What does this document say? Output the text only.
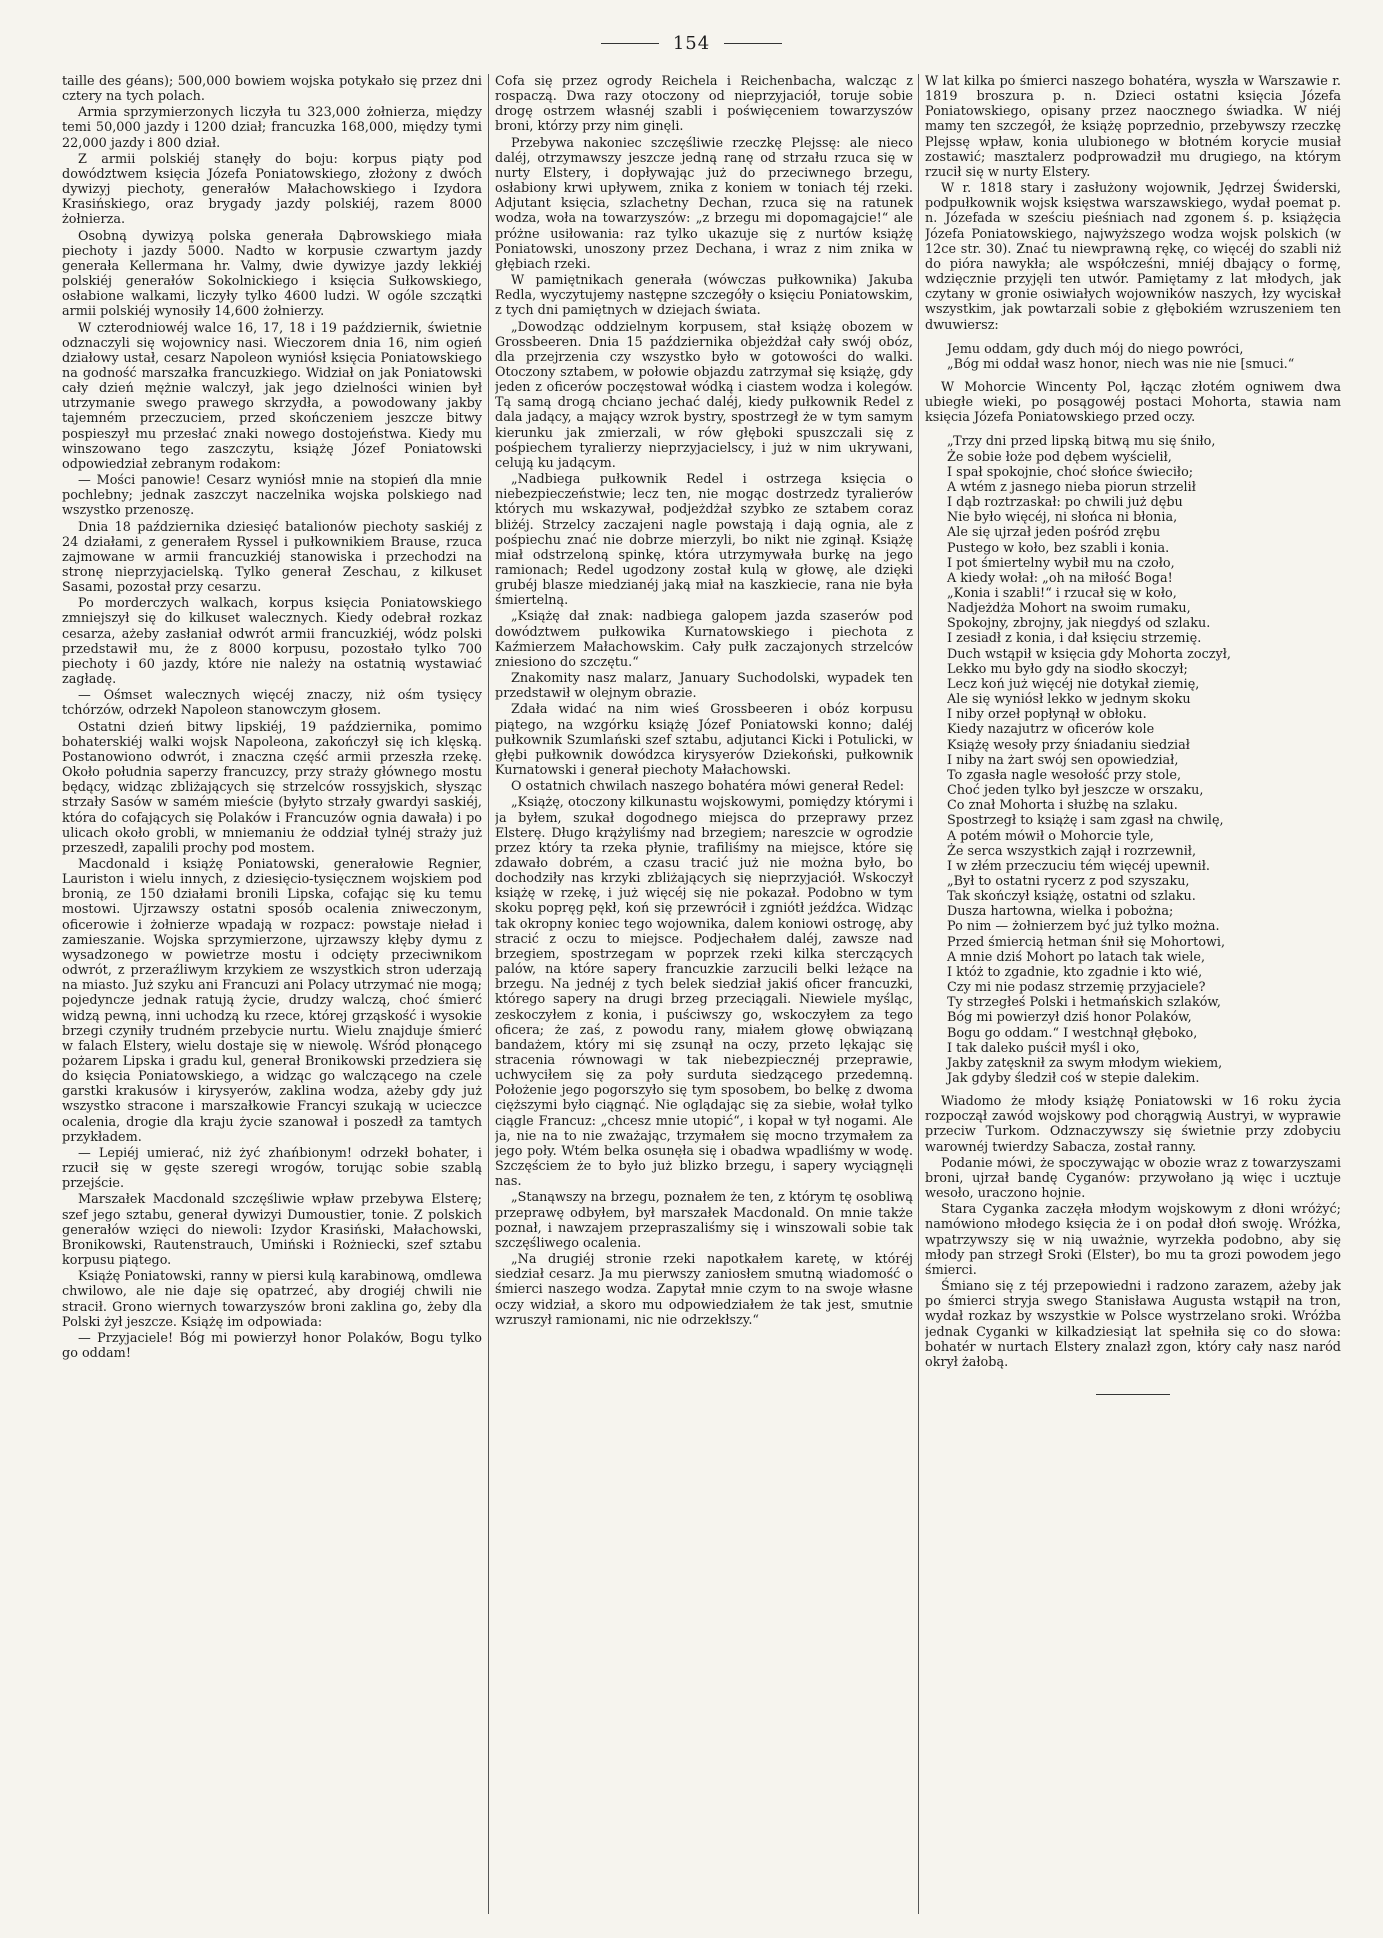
154

taille des géans); 500,000 bowiem wojska potykało się przez dni cztery na tych polach.

Armia sprzymierzonych liczyła tu 323,000 żołnierza, między temi 50,000 jazdy i 1200 dział; francuzka 168,000, między tymi 22,000 jazdy i 800 dział.

Z armii polskiéj stanęły do boju: korpus piąty pod dowództwem księcia Józefa Poniatowskiego, złożony z dwóch dywizyj piechoty, generałów Małachowskiego i Izydora Krasińskiego, oraz brygady jazdy polskiéj, razem 8000 żołnierza.

Osobną dywizyą polska generała Dąbrowskiego miała piechoty i jazdy 5000. Nadto w korpusie czwartym jazdy generała Kellermana hr. Valmy, dwie dywizye jazdy lekkiéj polskiéj generałów Sokolnickiego i księcia Sułkowskiego, osłabione walkami, liczyły tylko 4600 ludzi. W ogóle szczątki armii polskiéj wynosiły 14,600 żołnierzy.

W czterodniowéj walce 16, 17, 18 i 19 październik, świetnie odznaczyli się wojownicy nasi. Wieczorem dnia 16, nim ogień działowy ustał, cesarz Napoleon wyniósł księcia Poniatowskiego na godność marszałka francuzkiego. Widział on jak Poniatowski cały dzień mężnie walczył, jak jego dzielności winien był utrzymanie swego prawego skrzydła, a powodowany jakby tajemném przeczuciem, przed skończeniem jeszcze bitwy pospieszył mu przesłać znaki nowego dostojeństwa. Kiedy mu winszowano tego zaszczytu, książę Józef Poniatowski odpowiedział zebranym rodakom:

— Mości panowie! Cesarz wyniósł mnie na stopień dla mnie pochlebny; jednak zaszczyt naczelnika wojska polskiego nad wszystko przenoszę.

Dnia 18 października dziesięć batalionów piechoty saskiéj z 24 działami, z generałem Ryssel i pułkownikiem Brause, rzuca zajmowane w armii francuzkiéj stanowiska i przechodzi na stronę nieprzyjacielską. Tylko generał Zeschau, z kilkuset Sasami, pozostał przy cesarzu.

Po morderczych walkach, korpus księcia Poniatowskiego zmniejszył się do kilkuset walecznych. Kiedy odebrał rozkaz cesarza, ażeby zasłaniał odwrót armii francuzkiéj, wódz polski przedstawił mu, że z 8000 korpusu, pozostało tylko 700 piechoty i 60 jazdy, które nie należy na ostatnią wystawiać zagładę.

— Ośmset walecznych więcéj znaczy, niż ośm tysięcy tchórzów, odrzekł Napoleon stanowczym głosem.

Ostatni dzień bitwy lipskiéj, 19 października, pomimo bohaterskiéj walki wojsk Napoleona, zakończył się ich klęską. Postanowiono odwrót, i znaczna część armii przeszła rzekę. Około południa saperzy francuzcy, przy straży głównego mostu będący, widząc zbliżających się strzelców rossyjskich, słysząc strzały Sasów w samém mieście (byłyto strzały gwardyi saskiéj, która do cofających się Polaków i Francuzów ognia dawała) i po ulicach około grobli, w mniemaniu że oddział tylnéj straży już przeszedł, zapalili prochy pod mostem.

Macdonald i książę Poniatowski, generałowie Regnier, Lauriston i wielu innych, z dziesięcio-tysięcznem wojskiem pod bronią, ze 150 działami bronili Lipska, cofając się ku temu mostowi. Ujrzawszy ostatni sposób ocalenia zniweczonym, oficerowie i żołnierze wpadają w rozpacz: powstaje nieład i zamieszanie. Wojska sprzymierzone, ujrzawszy kłęby dymu z wysadzonego w powietrze mostu i odcięty przeciwnikom odwrót, z przeraźliwym krzykiem ze wszystkich stron uderzają na miasto. Już szyku ani Francuzi ani Polacy utrzymać nie mogą; pojedyncze jednak ratują życie, drudzy walczą, choć śmierć widzą pewną, inni uchodzą ku rzece, której grząskość i wysokie brzegi czyniły trudném przebycie nurtu. Wielu znajduje śmierć w falach Elstery, wielu dostaje się w niewolę. Wśród płonącego pożarem Lipska i gradu kul, generał Bronikowski przedziera się do księcia Poniatowskiego, a widząc go walczącego na czele garstki krakusów i kirysyerów, zaklina wodza, ażeby gdy już wszystko stracone i marszałkowie Francyi szukają w ucieczce ocalenia, drogie dla kraju życie szanował i poszedł za tamtych przykładem.

— Lepiéj umierać, niż żyć zhańbionym! odrzekł bohater, i rzucił się w gęste szeregi wrogów, torując sobie szablą przejście.

Marszałek Macdonald szczęśliwie wpław przebywa Elsterę; szef jego sztabu, generał dywizyi Dumoustier, tonie. Z polskich generałów wzięci do niewoli: Izydor Krasiński, Małachowski, Bronikowski, Rautenstrauch, Umiński i Rożniecki, szef sztabu korpusu piątego.

Książę Poniatowski, ranny w piersi kulą karabinową, omdlewa chwilowo, ale nie daje się opatrzeć, aby drogiéj chwili nie stracił. Grono wiernych towarzyszów broni zaklina go, żeby dla Polski żył jeszcze. Książę im odpowiada:

— Przyjaciele! Bóg mi powierzył honor Polaków, Bogu tylko go oddam!

Cofa się przez ogrody Reichela i Reichenbacha, walcząc z rospaczą. Dwa razy otoczony od nieprzyjaciół, toruje sobie drogę ostrzem własnéj szabli i poświęceniem towarzyszów broni, którzy przy nim ginęli.

Przebywa nakoniec szczęśliwie rzeczkę Plejssę: ale nieco daléj, otrzymawszy jeszcze jedną ranę od strzału rzuca się w nurty Elstery, i dopływając już do przeciwnego brzegu, osłabiony krwi upływem, znika z koniem w toniach téj rzeki. Adjutant księcia, szlachetny Dechan, rzuca się na ratunek wodza, woła na towarzyszów: „z brzegu mi dopomagajcie!“ ale próżne usiłowania: raz tylko ukazuje się z nurtów książę Poniatowski, unoszony przez Dechana, i wraz z nim znika w głębiach rzeki.

W pamiętnikach generała (wówczas pułkownika) Jakuba Redla, wyczytujemy następne szczegóły o księciu Poniatowskim, z tych dni pamiętnych w dziejach świata.

„Dowodząc oddzielnym korpusem, stał książę obozem w Grossbeeren. Dnia 15 października objeżdżał cały swój obóz, dla przejrzenia czy wszystko było w gotowości do walki. Otoczony sztabem, w połowie objazdu zatrzymał się książę, gdy jeden z oficerów poczęstował wódką i ciastem wodza i kolegów. Tą samą drogą chciano jechać daléj, kiedy pułkownik Redel z dala jadący, a mający wzrok bystry, spostrzegł że w tym samym kierunku jak zmierzali, w rów głęboki spuszczali się z pośpiechem tyralierzy nieprzyjacielscy, i już w nim ukrywani, celują ku jadącym.

„Nadbiega pułkownik Redel i ostrzega księcia o niebezpieczeństwie; lecz ten, nie mogąc dostrzedz tyralierów których mu wskazywał, podjeżdżał szybko ze sztabem coraz bliżéj. Strzelcy zaczajeni nagle powstają i dają ognia, ale z pośpiechu znać nie dobrze mierzyli, bo nikt nie zginął. Książę miał odstrzeloną spinkę, która utrzymywała burkę na jego ramionach; Redel ugodzony został kulą w głowę, ale dzięki grubéj blasze miedzianéj jaką miał na kaszkiecie, rana nie była śmiertelną.

„Książę dał znak: nadbiega galopem jazda szaserów pod dowództwem pułkowika Kurnatowskiego i piechota z Kaźmierzem Małachowskim. Cały pułk zaczajonych strzelców zniesiono do szczętu.“

Znakomity nasz malarz, January Suchodolski, wypadek ten przedstawił w olejnym obrazie.

Zdała widać na nim wieś Grossbeeren i obóz korpusu piątego, na wzgórku książę Józef Poniatowski konno; daléj pułkownik Szumlański szef sztabu, adjutanci Kicki i Potulicki, w głębi pułkownik dowódzca kirysyerów Dziekoński, pułkownik Kurnatowski i generał piechoty Małachowski.

O ostatnich chwilach naszego bohatéra mówi generał Redel:

„Książę, otoczony kilkunastu wojskowymi, pomiędzy którymi i ja byłem, szukał dogodnego miejsca do przeprawy przez Elsterę. Długo krążyliśmy nad brzegiem; nareszcie w ogrodzie przez który ta rzeka płynie, trafiliśmy na miejsce, które się zdawało dobrém, a czasu tracić już nie można było, bo dochodziły nas krzyki zbliżających się nieprzyjaciół. Wskoczył książę w rzekę, i już więcéj się nie pokazał. Podobno w tym skoku popręg pękł, koń się przewrócił i zgniótł jeźdźca. Widząc tak okropny koniec tego wojownika, dalem koniowi ostrogę, aby stracić z oczu to miejsce. Podjechałem daléj, zawsze nad brzegiem, spostrzegam w poprzek rzeki kilka sterczących palów, na które sapery francuzkie zarzucili belki leżące na brzegu. Na jednéj z tych belek siedział jakiś oficer francuzki, którego sapery na drugi brzeg przeciągali. Niewiele myśląc, zeskoczyłem z konia, i puściwszy go, wskoczyłem za tego oficera; że zaś, z powodu rany, miałem głowę obwiązaną bandażem, który mi się zsunął na oczy, przeto lękając się stracenia równowagi w tak niebezpiecznéj przeprawie, uchwyciłem się za poły surduta siedzącego przedemną. Położenie jego pogorszyło się tym sposobem, bo belkę z dwoma cięższymi było ciągnąć. Nie oglądając się za siebie, wołał tylko ciągle Francuz: „chcesz mnie utopić“, i kopał w tył nogami. Ale ja, nie na to nie zważając, trzymałem się mocno trzymałem za jego poły. Wtém belka osunęła się i obadwa wpadliśmy w wodę. Szczęściem że to było już blizko brzegu, i sapery wyciągnęli nas.

„Stanąwszy na brzegu, poznałem że ten, z którym tę osobliwą przeprawę odbyłem, był marszałek Macdonald. On mnie także poznał, i nawzajem przepraszaliśmy się i winszowali sobie tak szczęśliwego ocalenia.

„Na drugiéj stronie rzeki napotkałem karetę, w któréj siedział cesarz. Ja mu pierwszy zaniosłem smutną wiadomość o śmierci naszego wodza. Zapytał mnie czym to na swoje własne oczy widział, a skoro mu odpowiedziałem że tak jest, smutnie wzruszył ramionami, nic nie odrzekłszy.“

W lat kilka po śmierci naszego bohatéra, wyszła w Warszawie r. 1819 broszura p. n. Dzieci ostatni księcia Józefa Poniatowskiego, opisany przez naocznego świadka. W niéj mamy ten szczegół, że książę poprzednio, przebywszy rzeczkę Plejssę wpław, konia ulubionego w błotném korycie musiał zostawić; masztalerz podprowadził mu drugiego, na którym rzucił się w nurty Elstery.

W r. 1818 stary i zasłużony wojownik, Jędrzej Świderski, podpułkownik wojsk księstwa warszawskiego, wydał poemat p. n. Józefada w sześciu pieśniach nad zgonem ś. p. książęcia Józefa Poniatowskiego, najwyższego wodza wojsk polskich (w 12ce str. 30). Znać tu niewprawną rękę, co więcéj do szabli niż do pióra nawykła; ale współcześni, mniéj dbający o formę, wdzięcznie przyjęli ten utwór. Pamiętamy z lat młodych, jak czytany w gronie osiwiałych wojowników naszych, łzy wyciskał wszystkim, jak powtarzali sobie z głębokiém wzruszeniem ten dwuwiersz:

Jemu oddam, gdy duch mój do niego powróci,
„Bóg mi oddał wasz honor, niech was nie nie [smuci.“

W Mohorcie Wincenty Pol, łącząc złotém ogniwem dwa ubiegłe wieki, po posągowéj postaci Mohorta, stawia nam księcia Józefa Poniatowskiego przed oczy.

„Trzy dni przed lipską bitwą mu się śniło,
Że sobie łoże pod dębem wyścielił,
I spał spokojnie, choć słońce świeciło;
A wtém z jasnego nieba piorun strzelił
I dąb roztrzaskał: po chwili już dębu
Nie było więcéj, ni słońca ni błonia,
Ale się ujrzał jeden pośród zrębu
Pustego w koło, bez szabli i konia.
I pot śmiertelny wybił mu na czoło,
A kiedy wołał: „oh na miłość Boga!
„Konia i szabli!“ i rzucał się w koło,
Nadjeżdża Mohort na swoim rumaku,
Spokojny, zbrojny, jak niegdyś od szlaku.
I zesiadł z konia, i dał księciu strzemię.
Duch wstąpił w księcia gdy Mohorta zoczył,
Lekko mu było gdy na siodło skoczył;
Lecz koń już więcéj nie dotykał ziemię,
Ale się wyniósł lekko w jednym skoku
I niby orzeł popłynął w obłoku.
Kiedy nazajutrz w oficerów kole
Książę wesoły przy śniadaniu siedział
I niby na żart swój sen opowiedział,
To zgasła nagle wesołość przy stole,
Choć jeden tylko był jeszcze w orszaku,
Co znał Mohorta i służbę na szlaku.
Spostrzegł to książę i sam zgasł na chwilę,
A potém mówił o Mohorcie tyle,
Że serca wszystkich zajął i rozrzewnił,
I w złém przeczuciu tém więcéj upewnił.
„Był to ostatni rycerz z pod szyszaku,
Tak skończył książę, ostatni od szlaku.
Dusza hartowna, wielka i pobożna;
Po nim — żołnierzem być już tylko można.
Przed śmiercią hetman śnił się Mohortowi,
A mnie dziś Mohort po latach tak wiele,
I któż to zgadnie, kto zgadnie i kto wié,
Czy mi nie podasz strzemię przyjaciele?
Ty strzegłeś Polski i hetmańskich szlaków,
Bóg mi powierzył dziś honor Polaków,
Bogu go oddam.“ I westchnął głęboko,
I tak daleko puścił myśl i oko,
Jakby zatęsknił za swym młodym wiekiem,
Jak gdyby śledził coś w stepie dalekim.

Wiadomo że młody książę Poniatowski w 16 roku życia rozpoczął zawód wojskowy pod chorągwią Austryi, w wyprawie przeciw Turkom. Odznaczywszy się świetnie przy zdobyciu warownéj twierdzy Sabacza, został ranny.

Podanie mówi, że spoczywając w obozie wraz z towarzyszami broni, ujrzał bandę Cyganów: przywołano ją więc i ucztuje wesoło, uraczono hojnie.

Stara Cyganka zaczęła młodym wojskowym z dłoni wróżyć; namówiono młodego księcia że i on podał dłoń swoję. Wróżka, wpatrzywszy się w nią uważnie, wyrzekła podobno, aby się młody pan strzegł Sroki (Elster), bo mu ta grozi powodem jego śmierci.

Śmiano się z téj przepowiedni i radzono zarazem, ażeby jak po śmierci stryja swego Stanisława Augusta wstąpił na tron, wydał rozkaz by wszystkie w Polsce wystrzelano sroki. Wróżba jednak Cyganki w kilkadziesiąt lat spełniła się co do słowa: bohatér w nurtach Elstery znalazł zgon, który cały nasz naród okrył żałobą.
